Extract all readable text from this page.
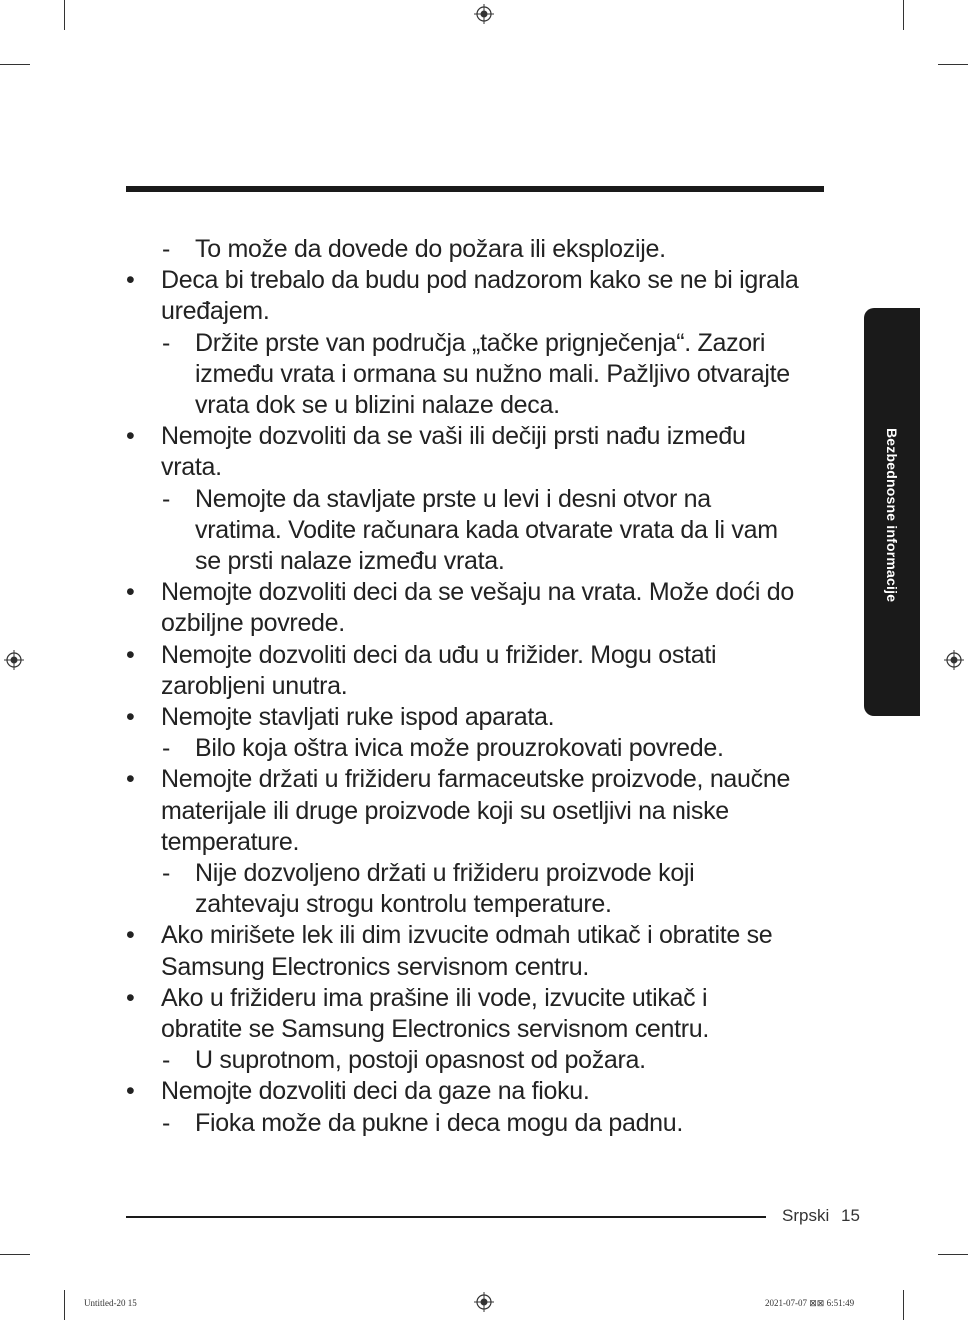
Bezbednosne informacije
- To može da dovede do požara ili eksplozije.
•	Deca bi trebalo da budu pod nadzorom kako se ne bi igrala
uređajem.
- Držite prste van područja „tačke prignječenja“. Zazori
između vrata i ormana su nužno mali. Pažljivo otvarajte
vrata dok se u blizini nalaze deca.
•	Nemojte dozvoliti da se vaši ili dečiji prsti nađu između
vrata.
- Nemojte da stavljate prste u levi i desni otvor na
vratima. Vodite računara kada otvarate vrata da li vam
se prsti nalaze između vrata.
•	Nemojte dozvoliti deci da se vešaju na vrata. Može doći do
ozbiljne povrede.
•	Nemojte dozvoliti deci da uđu u frižider. Mogu ostati
zarobljeni unutra.
•	Nemojte stavljati ruke ispod aparata.
- Bilo koja oštra ivica može prouzrokovati povrede.
•	Nemojte držati u frižideru farmaceutske proizvode, naučne
materijale ili druge proizvode koji su osetljivi na niske
temperature.
- Nije dozvoljeno držati u frižideru proizvode koji
zahtevaju strogu kontrolu temperature.
•	Ako mirišete lek ili dim izvucite odmah utikač i obratite se
Samsung Electronics servisnom centru.
•	Ako u frižideru ima prašine ili vode, izvucite utikač i
obratite se Samsung Electronics servisnom centru.
- U suprotnom, postoji opasnost od požara.
•	Nemojte dozvoliti deci da gaze na fioku.
- Fioka može da pukne i deca mogu da padnu.
Srpski 15
Untitled-20 15	2021-07-07 ⊠⊠ 6:51:49
